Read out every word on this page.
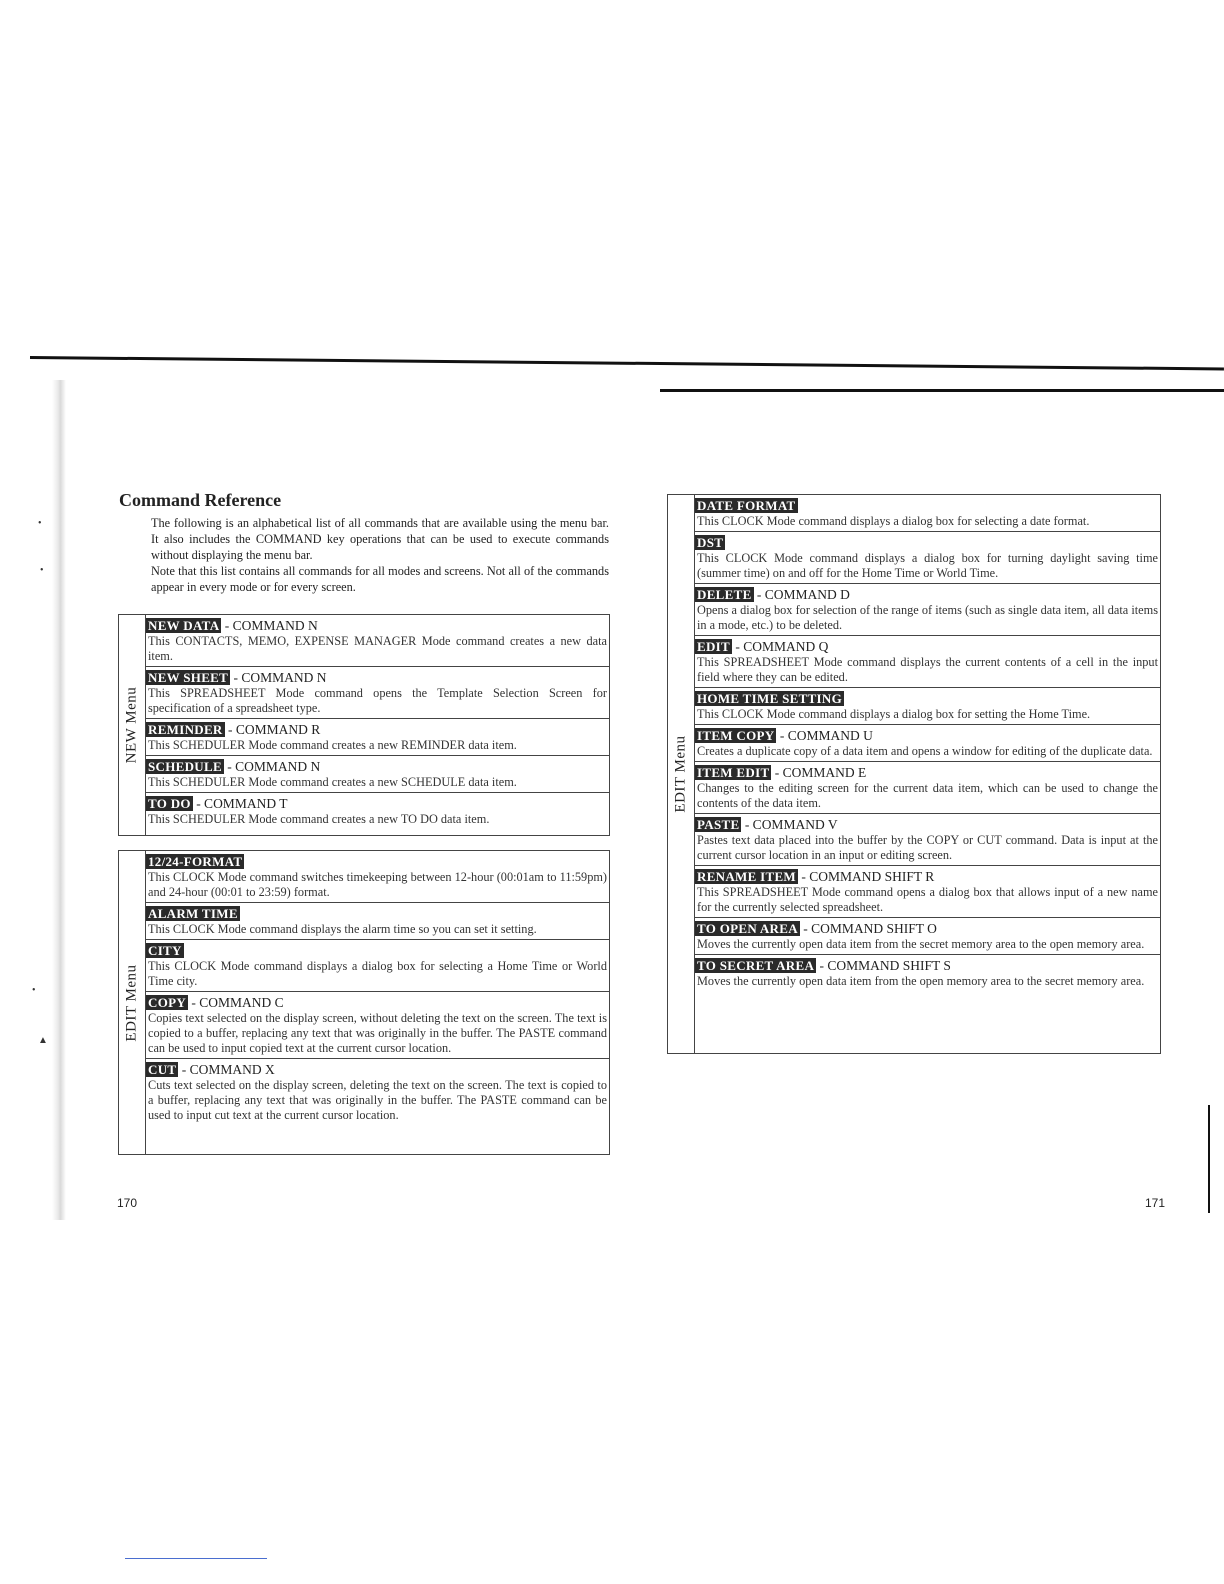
•
•
•
▲
Command Reference

The following is an alphabetical list of all commands that are available using the menu bar. It also includes the COMMAND key operations that can be used to execute commands without displaying the menu bar.

Note that this list contains all commands for all modes and screens. Not all of the commands appear in every mode or for every screen.

NEW Menu
NEW DATA - COMMAND N
This CONTACTS, MEMO, EXPENSE MANAGER Mode command creates a new data item.
NEW SHEET - COMMAND N
This SPREADSHEET Mode command opens the Template Selection Screen for specification of a spreadsheet type.
REMINDER - COMMAND R
This SCHEDULER Mode command creates a new REMINDER data item.
SCHEDULE - COMMAND N
This SCHEDULER Mode command creates a new SCHEDULE data item.
TO DO - COMMAND T
This SCHEDULER Mode command creates a new TO DO data item.
EDIT Menu
12/24-FORMAT
This CLOCK Mode command switches timekeeping between 12-hour (00:01am to 11:59pm) and 24-hour (00:01 to 23:59) format.
ALARM TIME
This CLOCK Mode command displays the alarm time so you can set it setting.
CITY
This CLOCK Mode command displays a dialog box for selecting a Home Time or World Time city.
COPY - COMMAND C
Copies text selected on the display screen, without deleting the text on the screen. The text is copied to a buffer, replacing any text that was originally in the buffer. The PASTE command can be used to input copied text at the current cursor location.
CUT - COMMAND X
Cuts text selected on the display screen, deleting the text on the screen. The text is copied to a buffer, replacing any text that was originally in the buffer. The PASTE command can be used to input cut text at the current cursor location.
170
EDIT Menu
DATE FORMAT
This CLOCK Mode command displays a dialog box for selecting a date format.
DST
This CLOCK Mode command displays a dialog box for turning daylight saving time (summer time) on and off for the Home Time or World Time.
DELETE - COMMAND D
Opens a dialog box for selection of the range of items (such as single data item, all data items in a mode, etc.) to be deleted.
EDIT - COMMAND Q
This SPREADSHEET Mode command displays the current contents of a cell in the input field where they can be edited.
HOME TIME SETTING
This CLOCK Mode command displays a dialog box for setting the Home Time.
ITEM COPY - COMMAND U
Creates a duplicate copy of a data item and opens a window for editing of the duplicate data.
ITEM EDIT - COMMAND E
Changes to the editing screen for the current data item, which can be used to change the contents of the data item.
PASTE - COMMAND V
Pastes text data placed into the buffer by the COPY or CUT command. Data is input at the current cursor location in an input or editing screen.
RENAME ITEM - COMMAND SHIFT R
This SPREADSHEET Mode command opens a dialog box that allows input of a new name for the currently selected spreadsheet.
TO OPEN AREA - COMMAND SHIFT O
Moves the currently open data item from the secret memory area to the open memory area.
TO SECRET AREA - COMMAND SHIFT S
Moves the currently open data item from the open memory area to the secret memory area.
171
